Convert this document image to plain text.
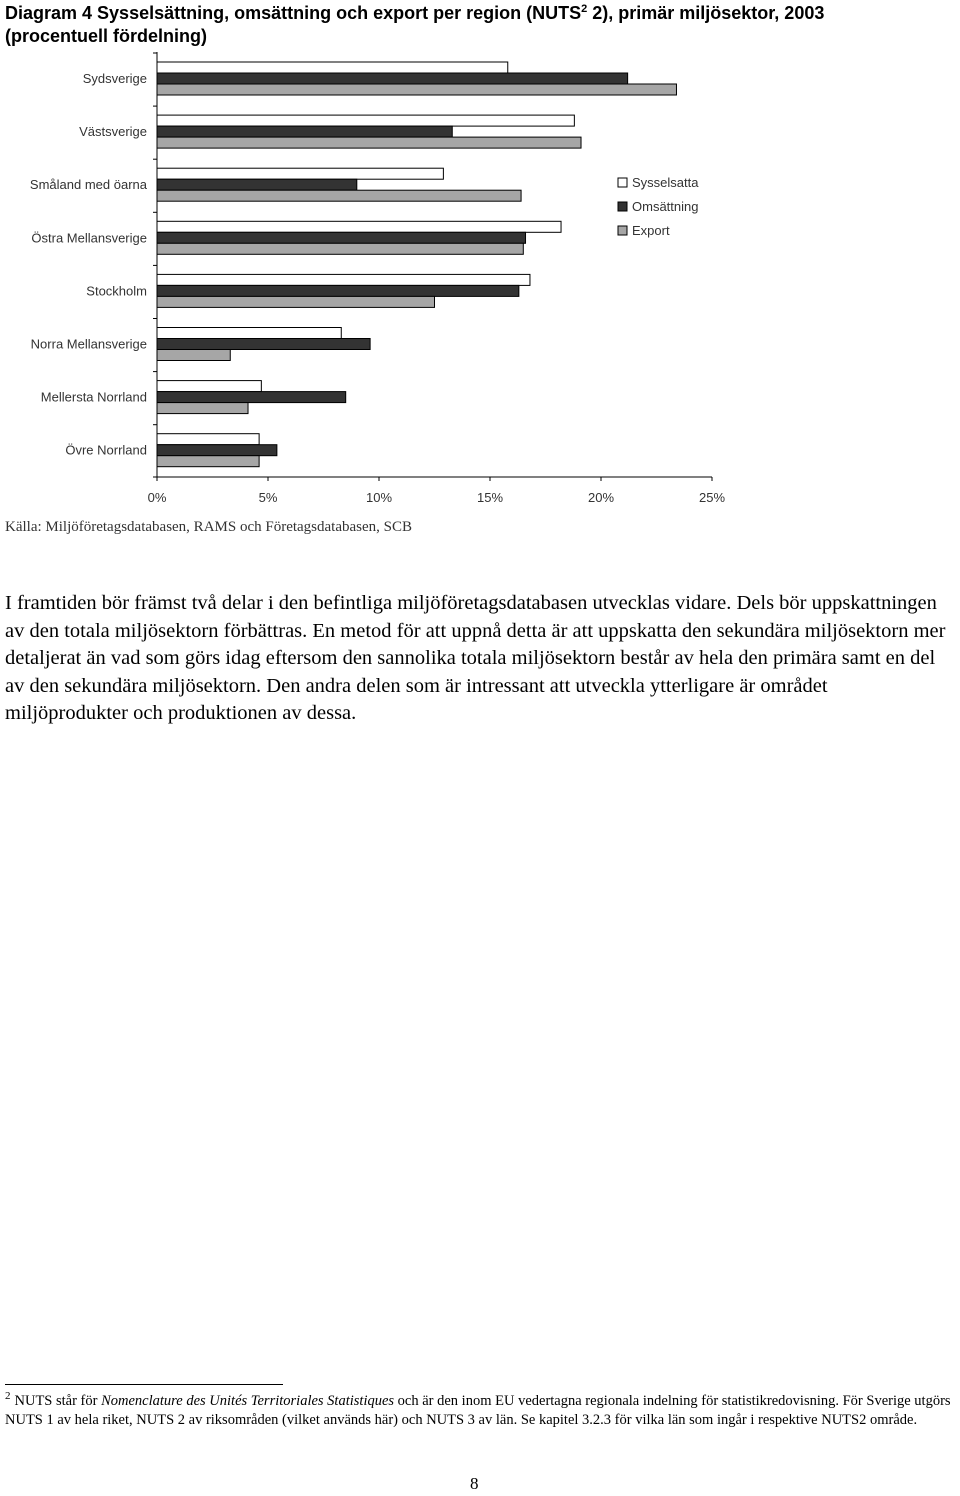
Diagram 4 Sysselsättning, omsättning och export per region (NUTS$^2$ 2), primär miljösektor, 2003
(procentuell fördelning)
Sydsverige
Västsverige
Småland med öarna
Östra Mellansverige
Stockholm
Norra Mellansverige
Mellersta Norrland
Övre Norrland
0%	5%	10%	15%	20%	25%
Sysselsatta
Omsättning
Export
Källa: Miljöföretagsdatabasen, RAMS och Företagsdatabasen, SCB

I framtiden bör främst två delar i den befintliga miljöföretagsdatabasen utvecklas vidare. Dels bör uppskattningen av den totala miljösektorn förbättras. En metod för att uppnå detta är att uppskatta den sekundära miljösektorn mer detaljerat än vad som görs idag eftersom den sannolika totala miljösektorn består av hela den primära samt en del av den sekundära miljösektorn. Den andra delen som är intressant att utveckla ytterligare är området miljöprodukter och produktionen av dessa.

$^2$ NUTS står för Nomenclature des Unités Territoriales Statistiques och är den inom EU vedertagna regionala indelning för statistikredovisning. För Sverige utgörs NUTS 1 av hela riket, NUTS 2 av riksområden (vilket används här) och NUTS 3 av län. Se kapitel 3.2.3 för vilka län som ingår i respektive NUTS2 område.

8
